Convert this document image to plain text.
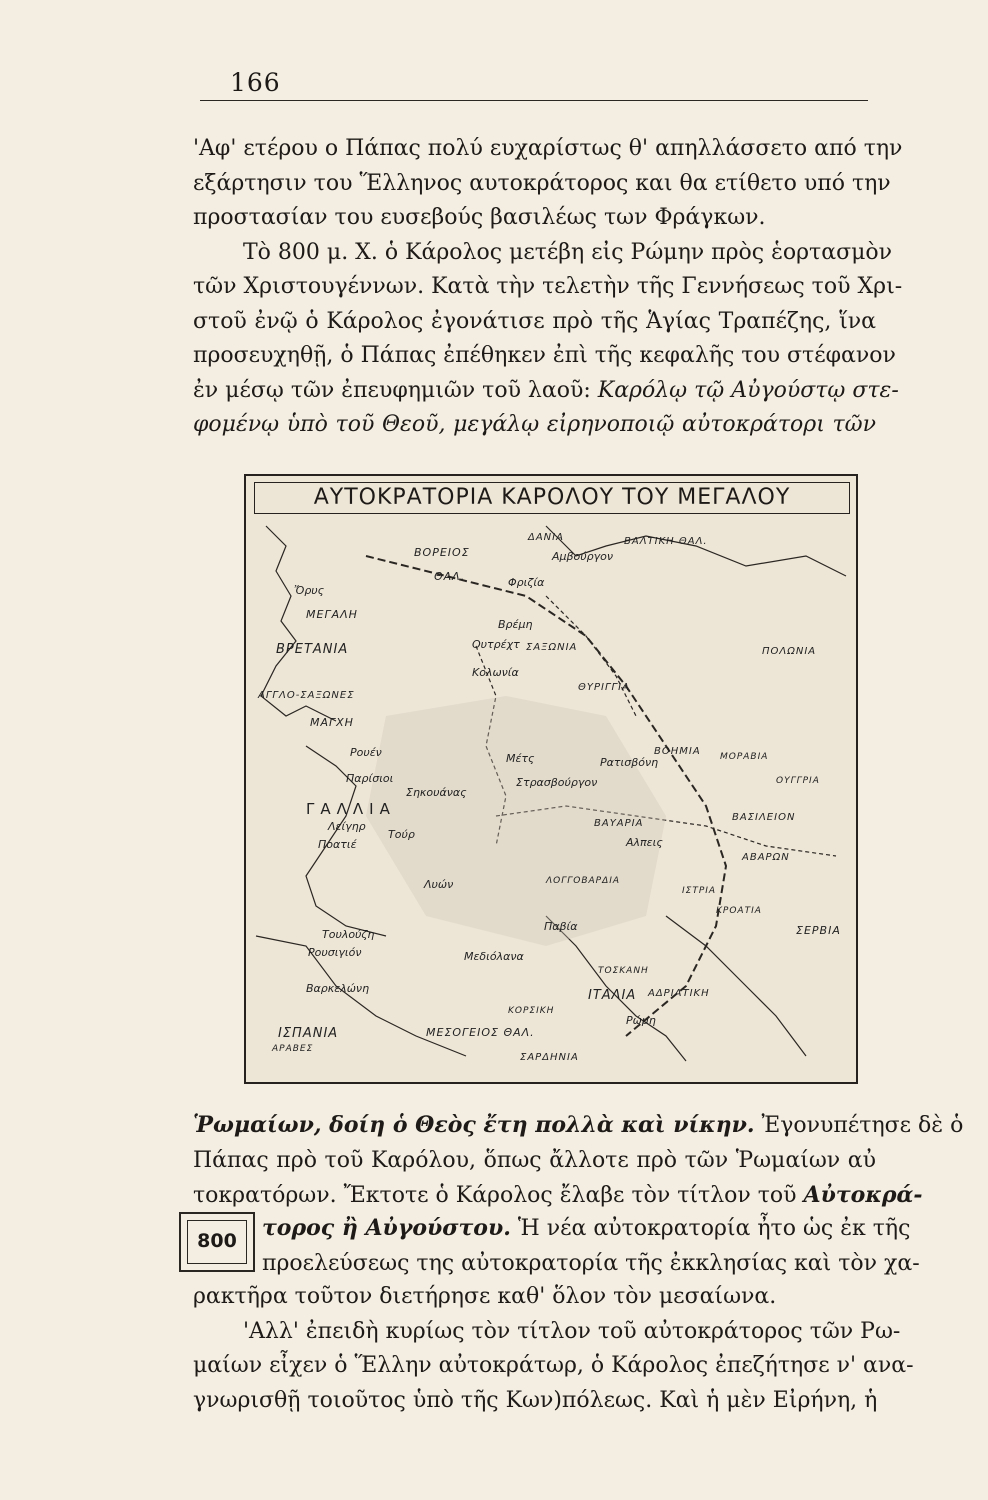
166
'Αφ' ετέρου ο Πάπας πολύ ευχαρίστως θ' απηλλάσσετο από την
εξάρτησιν του Ἕλληνος αυτοκράτορος και θα ετίθετο υπό την
προστασίαν του ευσεβούς βασιλέως των Φράγκων.
Τὸ 800 μ. Χ. ὁ Κάρολος μετέβη εἰς Ρώμην πρὸς ἑορτασμὸν
τῶν Χριστουγέννων. Κατὰ τὴν τελετὴν τῆς Γεννήσεως τοῦ Χρι-
στοῦ ἐνῷ ὁ Κάρολος ἐγονάτισε πρὸ τῆς Ἁγίας Τραπέζης, ἵνα
προσευχηθῇ, ὁ Πάπας ἐπέθηκεν ἐπὶ τῆς κεφαλῆς του στέφανον
ἐν μέσῳ τῶν ἐπευφημιῶν τοῦ λαοῦ: Καρόλῳ τῷ Αὐγούστῳ στε-
φομένῳ ὑπὸ τοῦ Θεοῦ, μεγάλῳ εἰρηνοποιῷ αὐτοκράτορι τῶν
ΑΥΤΟΚΡΑΤΟΡΙΑ ΚΑΡΟΛΟΥ ΤΟΥ ΜΕΓΑΛΟΥ
ΒΟΡΕΙΟΣ
ΘΑΛ.
Ὄρυς
ΜΕΓΑΛΗ
ΒΡΕΤΑΝΙΑ
ΑΓΓΛΟ-ΣΑΞΩΝΕΣ
ΜΑΓΧΗ
Ρουέν
Παρίσιοι
Σηκουάνας
ΓΑΛΛΙΑ
Λείγηρ
Τούρ
Ποατιέ
Λυών
Τουλούζη
Ρουσιγιόν
Βαρκελώνη
ΙΣΠΑΝΙΑ
ΑΡΑΒΕΣ
ΜΕΣΟΓΕΙΟΣ ΘΑΛ.
ΣΑΡΔΗΝΙΑ
ΚΟΡΣΙΚΗ
Ρώμη
ΙΤΑΛΙΑ ΑΔΡΙΑΤΙΚΗ
ΣΕΡΒΙΑ
ΤΟΣΚΑΝΗ
ΛΟΓΓΟΒΑΡΔΙΑ
Παβία
Μεδιόλανα
ΒΑΥΑΡΙΑ
ΒΑΣΙΛΕΙΟΝ
ΑΒΑΡΩΝ
ΚΡΟΑΤΙΑ
ΙΣΤΡΙΑ
Αλπεις
ΣΑΞΩΝΙΑ
Αμβούργον
ΘΥΡΙΓΓΙΑ
ΠΟΛΩΝΙΑ
ΜΟΡΑΒΙΑ
ΒΟΗΜΙΑ
ΟΥΓΓΡΙΑ
Ρατισβόνη
Στρασβούργον
Μέτς
Κολωνία
Ουτρέχτ
ΔΑΝΙΑ	ΒΑΛΤΙΚΗ ΘΑΛ.
Βρέμη
Φριζία
Ῥωμαίων, δοίη ὁ Θεὸς ἔτη πολλὰ καὶ νίκην. Ἐγονυπέτησε δὲ ὁ
Πάπας πρὸ τοῦ Καρόλου, ὅπως ἄλλοτε πρὸ τῶν Ῥωμαίων αὐ
τοκρατόρων. Ἔκτοτε ὁ Κάρολος ἔλαβε τὸν τίτλον τοῦ Αὐτοκρά-
800	τορος ἢ Αὐγούστου. Ἡ νέα αὐτοκρατορία ἦτο ὡς ἐκ τῆς
προελεύσεως της αὐτοκρατορία τῆς ἐκκλησίας καὶ τὸν χα-
ρακτῆρα τοῦτον διετήρησε καθ' ὅλον τὸν μεσαίωνα.
'Αλλ' ἐπειδὴ κυρίως τὸν τίτλον τοῦ αὐτοκράτορος τῶν Ρω-
μαίων εἶχεν ὁ Ἕλλην αὐτοκράτωρ, ὁ Κάρολος ἐπεζήτησε ν' ανα-
γνωρισθῇ τοιοῦτος ὑπὸ τῆς Κων)πόλεως. Καὶ ἡ μὲν Εἰρήνη, ἡ
